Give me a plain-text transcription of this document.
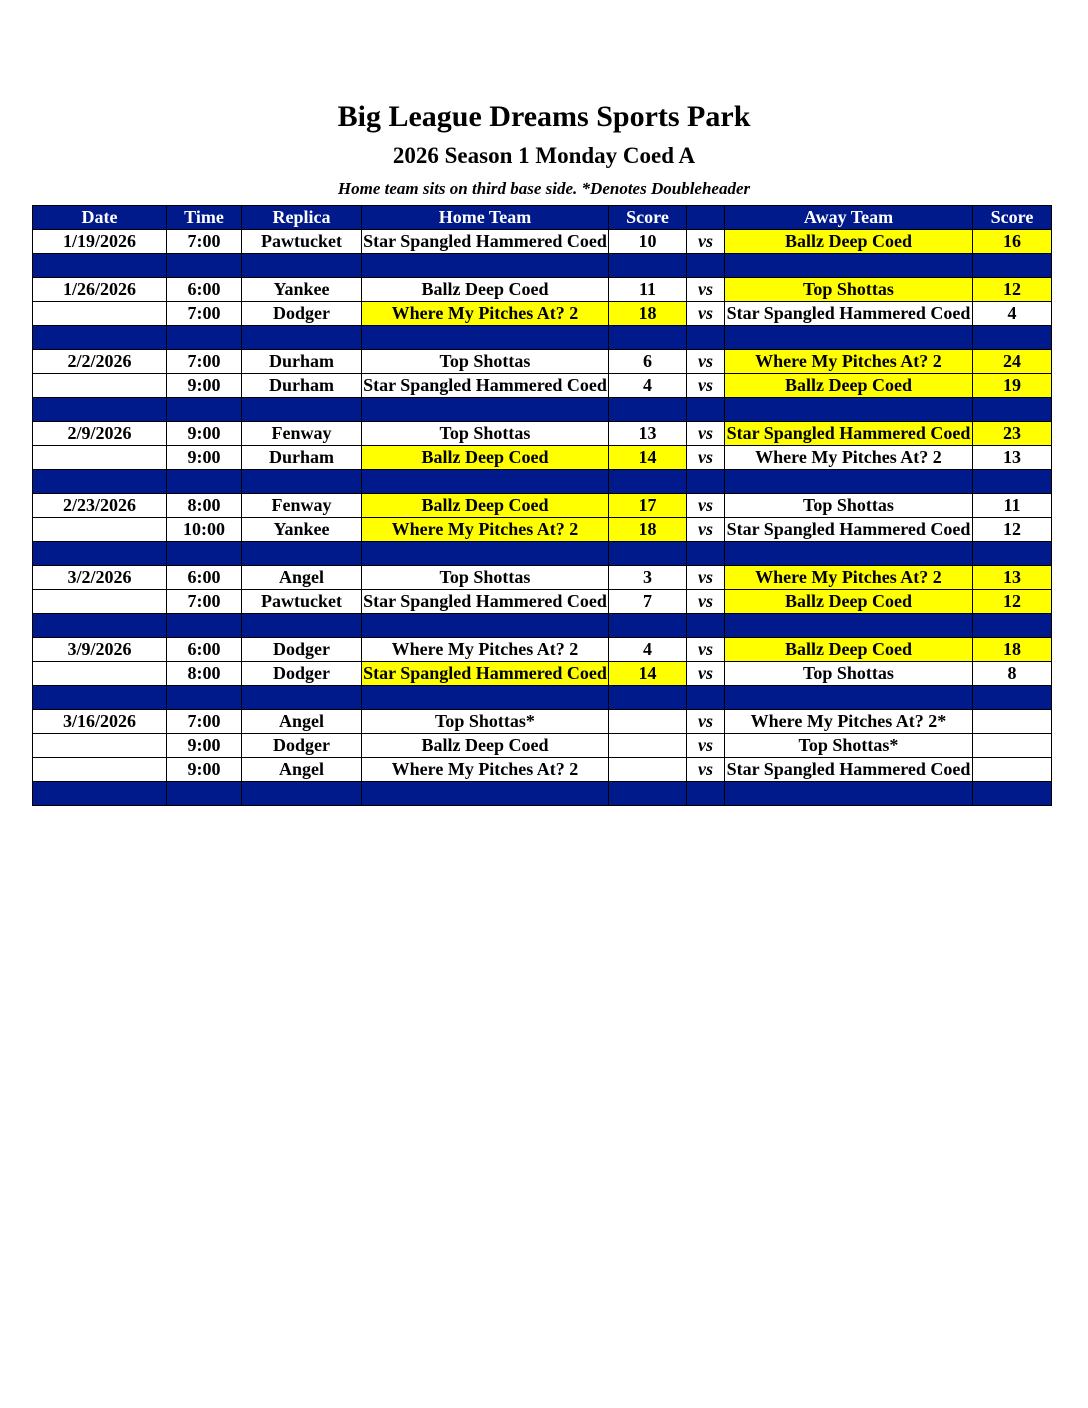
Big League Dreams Sports Park
2026 Season 1 Monday Coed A
Home team sits on third base side. *Denotes Doubleheader
Date	Time	Replica	Home Team	Score		Away Team	Score
1/19/2026	7:00	Pawtucket	Star Spangled Hammered Coed	10	vs	Ballz Deep Coed	16

1/26/2026	6:00	Yankee	Ballz Deep Coed	11	vs	Top Shottas	12
	7:00	Dodger	Where My Pitches At? 2	18	vs	Star Spangled Hammered Coed	4

2/2/2026	7:00	Durham	Top Shottas	6	vs	Where My Pitches At? 2	24
	9:00	Durham	Star Spangled Hammered Coed	4	vs	Ballz Deep Coed	19

2/9/2026	9:00	Fenway	Top Shottas	13	vs	Star Spangled Hammered Coed	23
	9:00	Durham	Ballz Deep Coed	14	vs	Where My Pitches At? 2	13

2/23/2026	8:00	Fenway	Ballz Deep Coed	17	vs	Top Shottas	11
	10:00	Yankee	Where My Pitches At? 2	18	vs	Star Spangled Hammered Coed	12

3/2/2026	6:00	Angel	Top Shottas	3	vs	Where My Pitches At? 2	13
	7:00	Pawtucket	Star Spangled Hammered Coed	7	vs	Ballz Deep Coed	12

3/9/2026	6:00	Dodger	Where My Pitches At? 2	4	vs	Ballz Deep Coed	18
	8:00	Dodger	Star Spangled Hammered Coed	14	vs	Top Shottas	8

3/16/2026	7:00	Angel	Top Shottas*		vs	Where My Pitches At? 2*	
	9:00	Dodger	Ballz Deep Coed		vs	Top Shottas*	
	9:00	Angel	Where My Pitches At? 2		vs	Star Spangled Hammered Coed	
